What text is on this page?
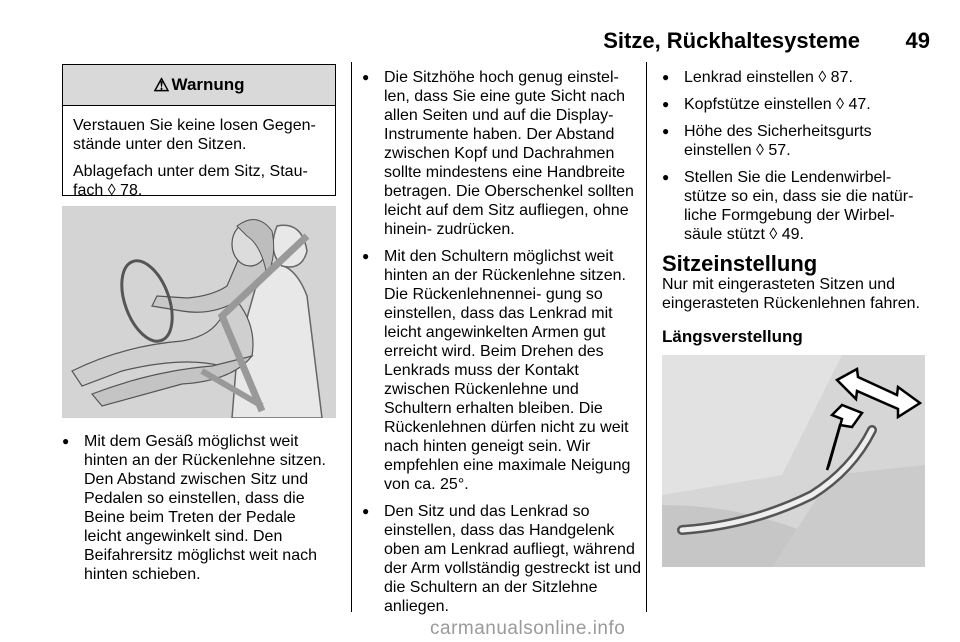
Sitze, Rückhaltesysteme 49
⚠ Warnung

Verstauen Sie keine losen Gegen- stände unter den Sitzen.

Ablagefach unter dem Sitz, Stau- fach ◊ 78.

● Mit dem Gesäß möglichst weit hinten an der Rückenlehne sitzen. Den Abstand zwischen Sitz und Pedalen so einstellen, dass die Beine beim Treten der Pedale leicht angewinkelt sind. Den Beifahrersitz möglichst weit nach hinten schieben.
● Die Sitzhöhe hoch genug einstel- len, dass Sie eine gute Sicht nach allen Seiten und auf die Display-Instrumente haben. Der Abstand zwischen Kopf und Dachrahmen sollte mindestens eine Handbreite betragen. Die Oberschenkel sollten leicht auf dem Sitz aufliegen, ohne hinein- zudrücken.
● Mit den Schultern möglichst weit hinten an der Rückenlehne sitzen. Die Rückenlehnennei- gung so einstellen, dass das Lenkrad mit leicht angewinkelten Armen gut erreicht wird. Beim Drehen des Lenkrads muss der Kontakt zwischen Rückenlehne und Schultern erhalten bleiben. Die Rückenlehnen dürfen nicht zu weit nach hinten geneigt sein. Wir empfehlen eine maximale Neigung von ca. 25°.
● Den Sitz und das Lenkrad so einstellen, dass das Handgelenk oben am Lenkrad aufliegt, während der Arm vollständig gestreckt ist und die Schultern an der Sitzlehne anliegen.
● Lenkrad einstellen ◊ 87.
● Kopfstütze einstellen ◊ 47.
● Höhe des Sicherheitsgurts einstellen ◊ 57.
● Stellen Sie die Lendenwirbel- stütze so ein, dass sie die natür- liche Formgebung der Wirbel- säule stützt ◊ 49.
Sitzeinstellung

Nur mit eingerasteten Sitzen und eingerasteten Rückenlehnen fahren.

Längsverstellung
carmanualsonline.info
